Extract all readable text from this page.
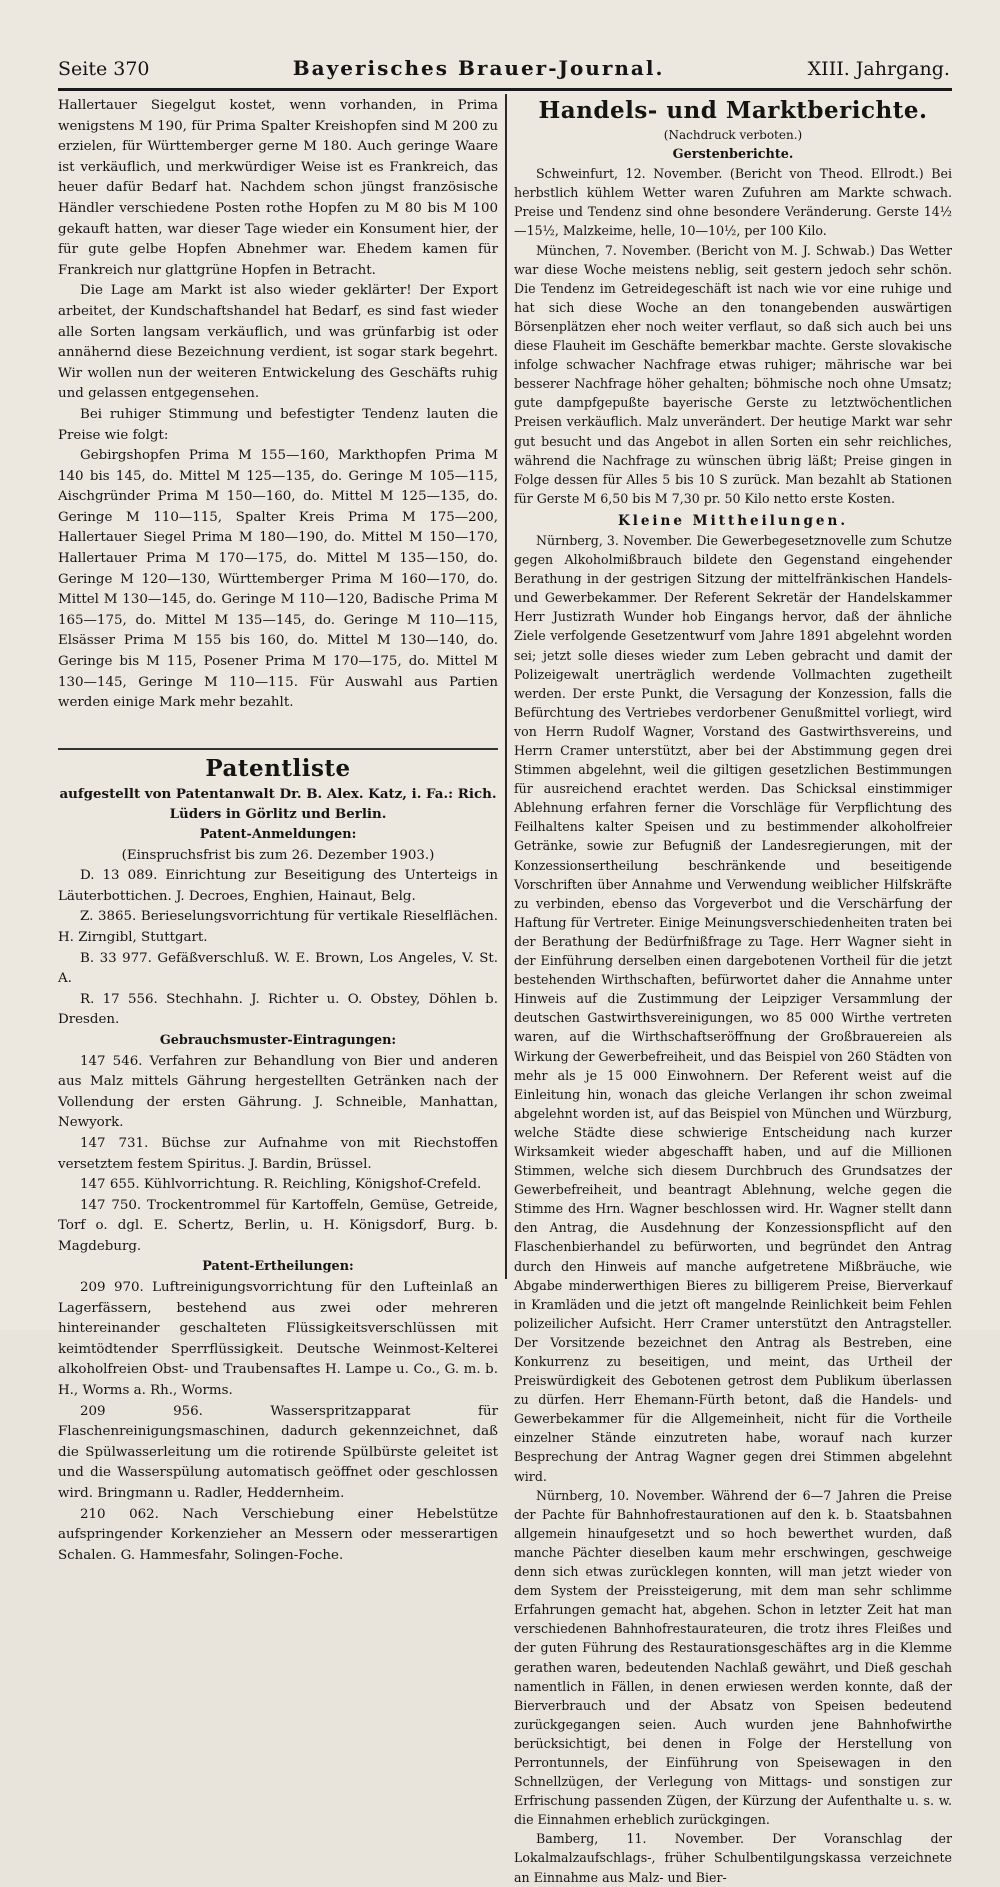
Seite 370	Bayerisches Brauer-Journal.	XIII. Jahrgang.

Hallertauer Siegelgut kostet, wenn vorhanden, in Prima wenigstens M 190, für Prima Spalter Kreishopfen sind M 200 zu erzielen, für Württemberger gerne M 180. Auch geringe Waare ist verkäuflich, und merkwürdiger Weise ist es Frankreich, das heuer dafür Bedarf hat. Nachdem schon jüngst französische Händler verschiedene Posten rothe Hopfen zu M 80 bis M 100 gekauft hatten, war dieser Tage wieder ein Konsument hier, der für gute gelbe Hopfen Abnehmer war. Ehedem kamen für Frankreich nur glattgrüne Hopfen in Betracht.

Die Lage am Markt ist also wieder geklärter! Der Export arbeitet, der Kundschaftshandel hat Bedarf, es sind fast wieder alle Sorten langsam verkäuflich, und was grünfarbig ist oder annähernd diese Bezeichnung verdient, ist sogar stark begehrt. Wir wollen nun der weiteren Entwickelung des Geschäfts ruhig und gelassen entgegensehen.

Bei ruhiger Stimmung und befestigter Tendenz lauten die Preise wie folgt:

Gebirgshopfen Prima M 155—160, Markthopfen Prima M 140 bis 145, do. Mittel M 125—135, do. Geringe M 105—115, Aischgründer Prima M 150—160, do. Mittel M 125—135, do. Geringe M 110—115, Spalter Kreis Prima M 175—200, Hallertauer Siegel Prima M 180—190, do. Mittel M 150—170, Hallertauer Prima M 170—175, do. Mittel M 135—150, do. Geringe M 120—130, Württemberger Prima M 160—170, do. Mittel M 130—145, do. Geringe M 110—120, Badische Prima M 165—175, do. Mittel M 135—145, do. Geringe M 110—115, Elsässer Prima M 155 bis 160, do. Mittel M 130—140, do. Geringe bis M 115, Posener Prima M 170—175, do. Mittel M 130—145, Geringe M 110—115. Für Auswahl aus Partien werden einige Mark mehr bezahlt.

Patentliste

aufgestellt von Patentanwalt Dr. B. Alex. Katz, i. Fa.: Rich. Lüders in Görlitz und Berlin.

Patent-Anmeldungen:

(Einspruchsfrist bis zum 26. Dezember 1903.)

D. 13 089. Einrichtung zur Beseitigung des Unterteigs in Läuterbottichen. J. Decroes, Enghien, Hainaut, Belg.

Z. 3865. Berieselungsvorrichtung für vertikale Rieselflächen. H. Zirngibl, Stuttgart.

B. 33 977. Gefäßverschluß. W. E. Brown, Los Angeles, V. St. A.

R. 17 556. Stechhahn. J. Richter u. O. Obstey, Döhlen b. Dresden.

Gebrauchsmuster-Eintragungen:

147 546. Verfahren zur Behandlung von Bier und anderen aus Malz mittels Gährung hergestellten Getränken nach der Vollendung der ersten Gährung. J. Schneible, Manhattan, Newyork.

147 731. Büchse zur Aufnahme von mit Riechstoffen versetztem festem Spiritus. J. Bardin, Brüssel.

147 655. Kühlvorrichtung. R. Reichling, Königshof-Crefeld.

147 750. Trockentrommel für Kartoffeln, Gemüse, Getreide, Torf o. dgl. E. Schertz, Berlin, u. H. Königsdorf, Burg. b. Magdeburg.

Patent-Ertheilungen:

209 970. Luftreinigungsvorrichtung für den Lufteinlaß an Lagerfässern, bestehend aus zwei oder mehreren hintereinander geschalteten Flüssigkeitsverschlüssen mit keimtödtender Sperrflüssigkeit. Deutsche Weinmost-Kelterei alkoholfreien Obst- und Traubensaftes H. Lampe u. Co., G. m. b. H., Worms a. Rh., Worms.

209 956. Wasserspritzapparat für Flaschenreinigungsmaschinen, dadurch gekennzeichnet, daß die Spülwasserleitung um die rotirende Spülbürste geleitet ist und die Wasserspülung automatisch geöffnet oder geschlossen wird. Bringmann u. Radler, Heddernheim.

210 062. Nach Verschiebung einer Hebelstütze aufspringender Korkenzieher an Messern oder messerartigen Schalen. G. Hammesfahr, Solingen-Foche.

Handels- und Marktberichte.

(Nachdruck verboten.)

Gerstenberichte.

Schweinfurt, 12. November. (Bericht von Theod. Ellrodt.) Bei herbstlich kühlem Wetter waren Zufuhren am Markte schwach. Preise und Tendenz sind ohne besondere Veränderung. Gerste 14½—15½, Malzkeime, helle, 10—10½, per 100 Kilo.

München, 7. November. (Bericht von M. J. Schwab.) Das Wetter war diese Woche meistens neblig, seit gestern jedoch sehr schön. Die Tendenz im Getreidegeschäft ist nach wie vor eine ruhige und hat sich diese Woche an den tonangebenden auswärtigen Börsenplätzen eher noch weiter verflaut, so daß sich auch bei uns diese Flauheit im Geschäfte bemerkbar machte. Gerste slovakische infolge schwacher Nachfrage etwas ruhiger; mährische war bei besserer Nachfrage höher gehalten; böhmische noch ohne Umsatz; gute dampfgepußte bayerische Gerste zu letztwöchentlichen Preisen verkäuflich. Malz unverändert. Der heutige Markt war sehr gut besucht und das Angebot in allen Sorten ein sehr reichliches, während die Nachfrage zu wünschen übrig läßt; Preise gingen in Folge dessen für Alles 5 bis 10 S zurück. Man bezahlt ab Stationen für Gerste M 6,50 bis M 7,30 pr. 50 Kilo netto erste Kosten.

Kleine Mittheilungen.

Nürnberg, 3. November. Die Gewerbegesetznovelle zum Schutze gegen Alkoholmißbrauch bildete den Gegenstand eingehender Berathung in der gestrigen Sitzung der mittelfränkischen Handels- und Gewerbekammer. Der Referent Sekretär der Handelskammer Herr Justizrath Wunder hob Eingangs hervor, daß der ähnliche Ziele verfolgende Gesetzentwurf vom Jahre 1891 abgelehnt worden sei; jetzt solle dieses wieder zum Leben gebracht und damit der Polizeigewalt unerträglich werdende Vollmachten zugetheilt werden. Der erste Punkt, die Versagung der Konzession, falls die Befürchtung des Vertriebes verdorbener Genußmittel vorliegt, wird von Herrn Rudolf Wagner, Vorstand des Gastwirthsvereins, und Herrn Cramer unterstützt, aber bei der Abstimmung gegen drei Stimmen abgelehnt, weil die giltigen gesetzlichen Bestimmungen für ausreichend erachtet werden. Das Schicksal einstimmiger Ablehnung erfahren ferner die Vorschläge für Verpflichtung des Feilhaltens kalter Speisen und zu bestimmender alkoholfreier Getränke, sowie zur Befugniß der Landesregierungen, mit der Konzessionsertheilung beschränkende und beseitigende Vorschriften über Annahme und Verwendung weiblicher Hilfskräfte zu verbinden, ebenso das Vorgeverbot und die Verschärfung der Haftung für Vertreter. Einige Meinungsverschiedenheiten traten bei der Berathung der Bedürfnißfrage zu Tage. Herr Wagner sieht in der Einführung derselben einen dargebotenen Vortheil für die jetzt bestehenden Wirthschaften, befürwortet daher die Annahme unter Hinweis auf die Zustimmung der Leipziger Versammlung der deutschen Gastwirthsvereinigungen, wo 85 000 Wirthe vertreten waren, auf die Wirthschaftseröffnung der Großbrauereien als Wirkung der Gewerbefreiheit, und das Beispiel von 260 Städten von mehr als je 15 000 Einwohnern. Der Referent weist auf die Einleitung hin, wonach das gleiche Verlangen ihr schon zweimal abgelehnt worden ist, auf das Beispiel von München und Würzburg, welche Städte diese schwierige Entscheidung nach kurzer Wirksamkeit wieder abgeschafft haben, und auf die Millionen Stimmen, welche sich diesem Durchbruch des Grundsatzes der Gewerbefreiheit, und beantragt Ablehnung, welche gegen die Stimme des Hrn. Wagner beschlossen wird. Hr. Wagner stellt dann den Antrag, die Ausdehnung der Konzessionspflicht auf den Flaschenbierhandel zu befürworten, und begründet den Antrag durch den Hinweis auf manche aufgetretene Mißbräuche, wie Abgabe minderwerthigen Bieres zu billigerem Preise, Bierverkauf in Kramläden und die jetzt oft mangelnde Reinlichkeit beim Fehlen polizeilicher Aufsicht. Herr Cramer unterstützt den Antragsteller. Der Vorsitzende bezeichnet den Antrag als Bestreben, eine Konkurrenz zu beseitigen, und meint, das Urtheil der Preiswürdigkeit des Gebotenen getrost dem Publikum überlassen zu dürfen. Herr Ehemann-Fürth betont, daß die Handels- und Gewerbekammer für die Allgemeinheit, nicht für die Vortheile einzelner Stände einzutreten habe, worauf nach kurzer Besprechung der Antrag Wagner gegen drei Stimmen abgelehnt wird.

Nürnberg, 10. November. Während der 6—7 Jahren die Preise der Pachte für Bahnhofrestaurationen auf den k. b. Staatsbahnen allgemein hinaufgesetzt und so hoch bewerthet wurden, daß manche Pächter dieselben kaum mehr erschwingen, geschweige denn sich etwas zurücklegen konnten, will man jetzt wieder von dem System der Preissteigerung, mit dem man sehr schlimme Erfahrungen gemacht hat, abgehen. Schon in letzter Zeit hat man verschiedenen Bahnhofrestaurateuren, die trotz ihres Fleißes und der guten Führung des Restaurationsgeschäftes arg in die Klemme gerathen waren, bedeutenden Nachlaß gewährt, und Dieß geschah namentlich in Fällen, in denen erwiesen werden konnte, daß der Bierverbrauch und der Absatz von Speisen bedeutend zurückgegangen seien. Auch wurden jene Bahnhofwirthe berücksichtigt, bei denen in Folge der Herstellung von Perrontunnels, der Einführung von Speisewagen in den Schnellzügen, der Verlegung von Mittags- und sonstigen zur Erfrischung passenden Zügen, der Kürzung der Aufenthalte u. s. w. die Einnahmen erheblich zurückgingen.

Bamberg, 11. November. Der Voranschlag der Lokalmalzaufschlags-, früher Schulbentilgungskassa verzeichnete an Einnahme aus Malz- und Bier-
